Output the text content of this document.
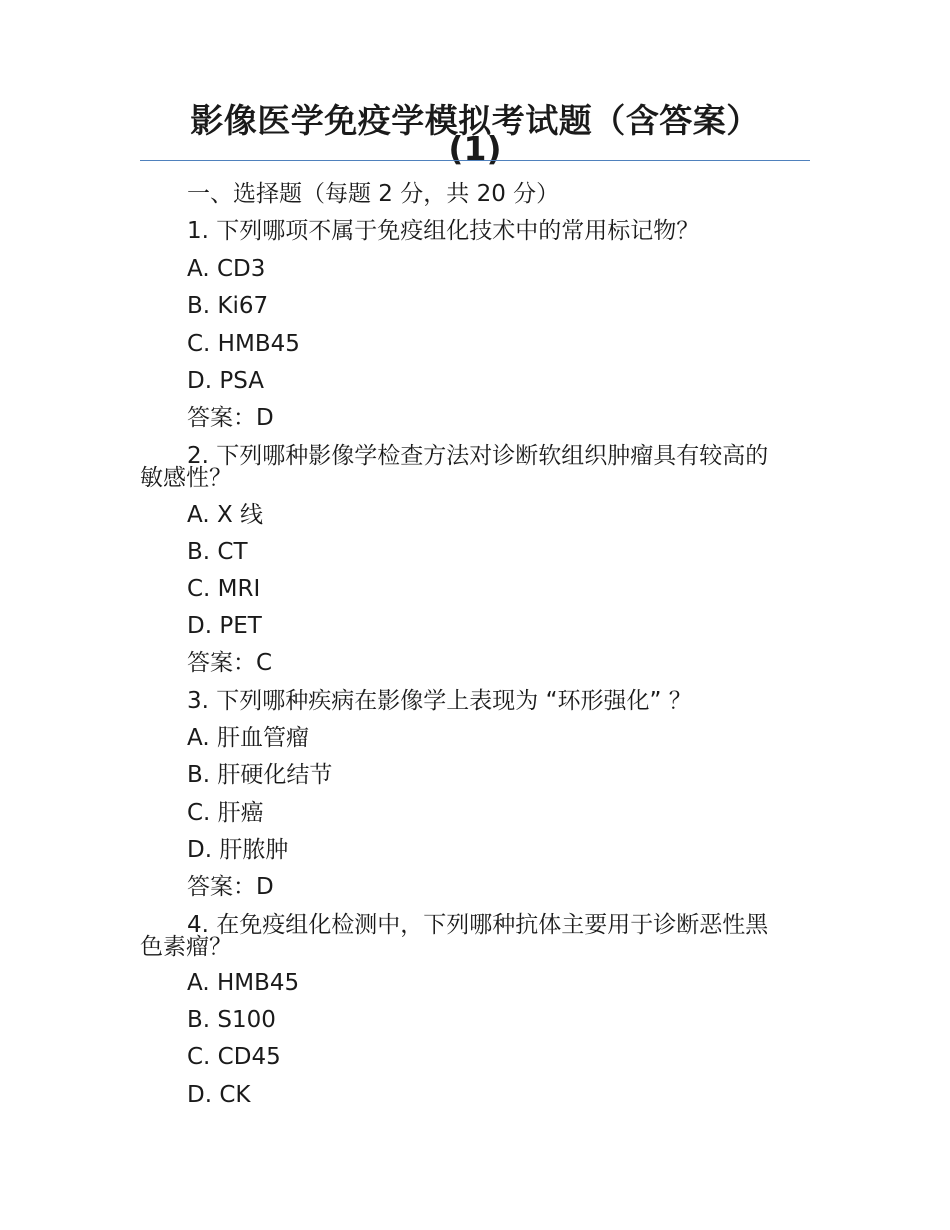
影像医学免疫学模拟考试题（含答案）
(1)
一、选择题（每题 2 分，共 20 分）
1. 下列哪项不属于免疫组化技术中的常用标记物？
A. CD3
B. Ki67
C. HMB45
D. PSA
答案：D
2. 下列哪种影像学检查方法对诊断软组织肿瘤具有较高的
敏感性？
A. X 线
B. CT
C. MRI
D. PET
答案：C
3. 下列哪种疾病在影像学上表现为 “环形强化” ？
A. 肝血管瘤
B. 肝硬化结节
C. 肝癌
D. 肝脓肿
答案：D
4. 在免疫组化检测中，下列哪种抗体主要用于诊断恶性黑
色素瘤？
A. HMB45
B. S100
C. CD45
D. CK
